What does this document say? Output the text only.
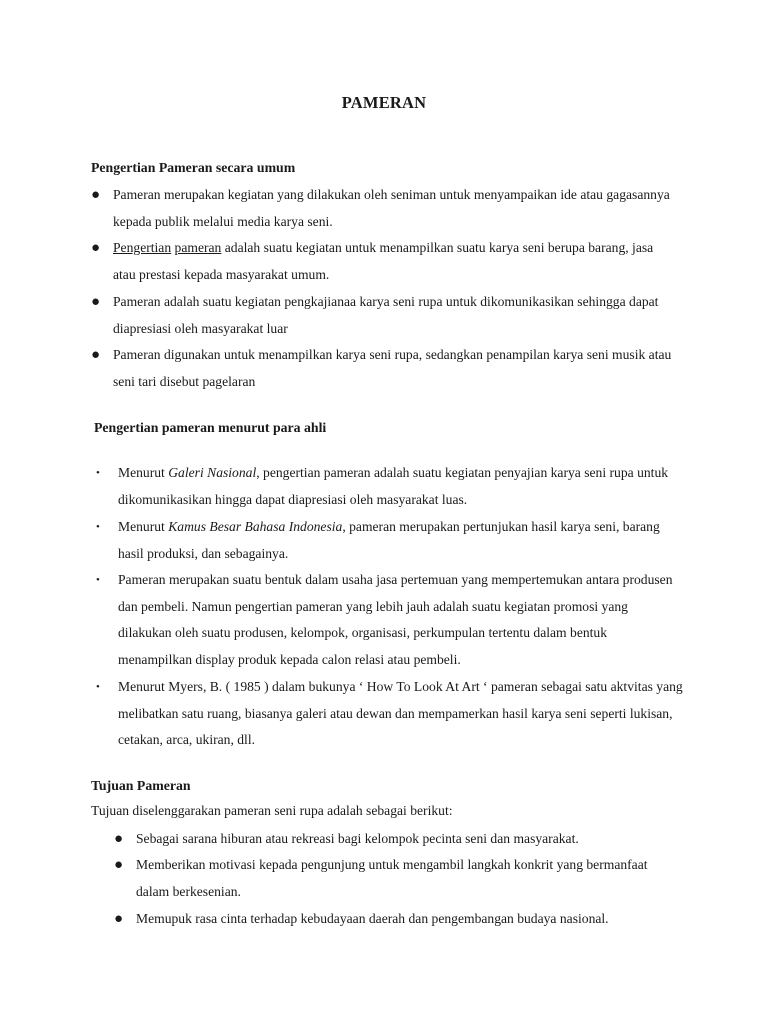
PAMERAN
Pengertian Pameran secara umum
● Pameran merupakan kegiatan yang dilakukan oleh seniman untuk menyampaikan ide atau gagasannya kepada publik melalui media karya seni.
● Pengertian pameran adalah suatu kegiatan untuk menampilkan suatu karya seni berupa barang, jasa atau prestasi kepada masyarakat umum.
● Pameran adalah suatu kegiatan pengkajianaa karya seni rupa untuk dikomunikasikan sehingga dapat diapresiasi oleh masyarakat luar
● Pameran digunakan untuk menampilkan karya seni rupa, sedangkan penampilan karya seni musik atau seni tari disebut pagelaran
Pengertian pameran menurut para ahli
• Menurut Galeri Nasional, pengertian pameran adalah suatu kegiatan penyajian karya seni rupa untuk dikomunikasikan hingga dapat diapresiasi oleh masyarakat luas.
• Menurut Kamus Besar Bahasa Indonesia, pameran merupakan pertunjukan hasil karya seni, barang hasil produksi, dan sebagainya.
• Pameran merupakan suatu bentuk dalam usaha jasa pertemuan yang mempertemukan antara produsen dan pembeli. Namun pengertian pameran yang lebih jauh adalah suatu kegiatan promosi yang dilakukan oleh suatu produsen, kelompok, organisasi, perkumpulan tertentu dalam bentuk menampilkan display produk kepada calon relasi atau pembeli.
• Menurut Myers, B. ( 1985 ) dalam bukunya ‘ How To Look At Art ‘ pameran sebagai satu aktvitas yang melibatkan satu ruang, biasanya galeri atau dewan dan mempamerkan hasil karya seni seperti lukisan, cetakan, arca, ukiran, dll.
Tujuan Pameran
Tujuan diselenggarakan pameran seni rupa adalah sebagai berikut:
● Sebagai sarana hiburan atau rekreasi bagi kelompok pecinta seni dan masyarakat.
● Memberikan motivasi kepada pengunjung untuk mengambil langkah konkrit yang bermanfaat dalam berkesenian.
● Memupuk rasa cinta terhadap kebudayaan daerah dan pengembangan budaya nasional.
